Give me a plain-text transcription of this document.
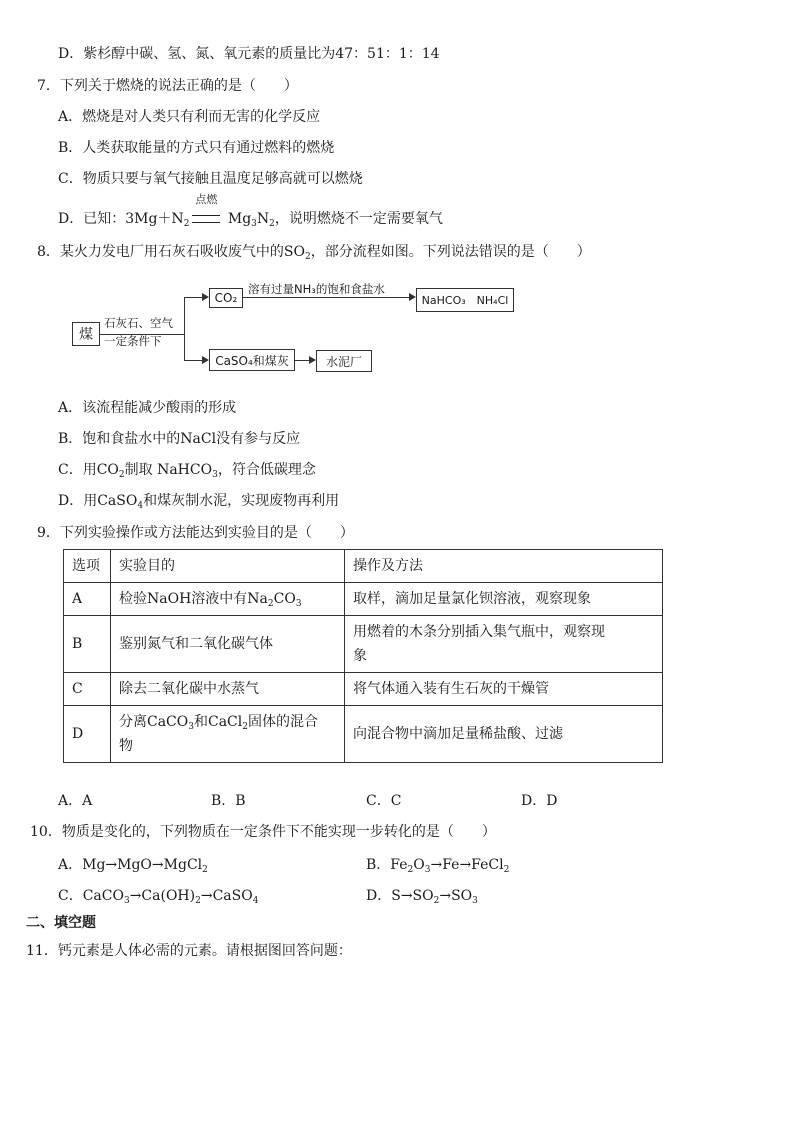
D．紫杉醇中碳、氢、氮、氧元素的质量比为47：51：1：14
7．下列关于燃烧的说法正确的是（　　）
A．燃烧是对人类只有利而无害的化学反应
B．人类获取能量的方式只有通过燃料的燃烧
C．物质只要与氧气接触且温度足够高就可以燃烧
D．已知：$3Mg+N_2$
点燃
$Mg_3N_2$，说明燃烧不一定需要氧气
8．某火力发电厂用石灰石吸收废气中的$SO_2$，部分流程如图。下列说法错误的是（　　）
煤
石灰石、空气
一定条件下
CO₂
溶有过量NH₃的饱和食盐水
NaHCO₃　NH₄Cl
CaSO₄和煤灰	水泥厂
A．该流程能减少酸雨的形成
B．饱和食盐水中的NaCl没有参与反应
C．用$CO_2$制取 NaHCO$_3$，符合低碳理念
D．用CaSO$_4$和煤灰制水泥，实现废物再利用
9．下列实验操作或方法能达到实验目的是（　　）
选项	实验目的	操作及方法
A	检验NaOH溶液中有$Na_2CO_3$	取样，滴加足量氯化钡溶液，观察现象
B	鉴别氮气和二氧化碳气体	用燃着的木条分别插入集气瓶中，观察现
象
C	除去二氧化碳中水蒸气	将气体通入装有生石灰的干燥管
D	分离CaCO$_3$和CaCl$_2$固体的混合
物	向混合物中滴加足量稀盐酸、过滤
A．A	B．B	C．C	D．D
10．物质是变化的，下列物质在一定条件下不能实现一步转化的是（　　）
A．Mg→MgO→MgCl$_2$	B．$Fe_2O_3\to Fe\to FeCl_2$
C．$CaCO_3\to Ca(OH)_2\to CaSO_4$	D．$S\to SO_2\to SO_3$
二、填空题
11．钙元素是人体必需的元素。请根据图回答问题：
